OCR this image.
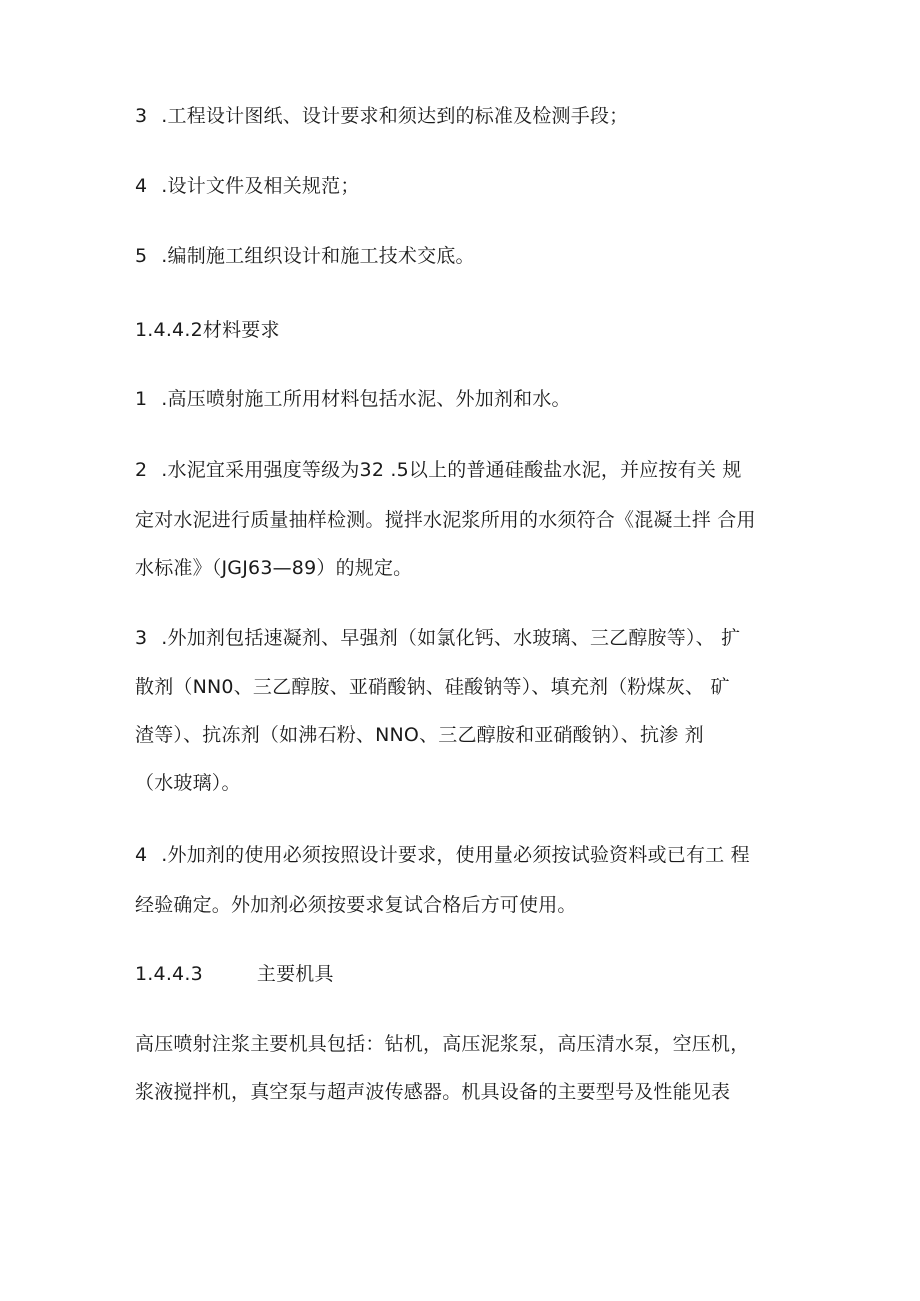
3 .工程设计图纸、设计要求和须达到的标准及检测手段；
4 .设计文件及相关规范；
5 .编制施工组织设计和施工技术交底。
1.4.4.2材料要求
1 .高压喷射施工所用材料包括水泥、外加剂和水。
2 .水泥宜采用强度等级为32 .5以上的普通硅酸盐水泥，并应按有关 规
定对水泥进行质量抽样检测。搅拌水泥浆所用的水须符合《混凝土拌 合用
水标准》（JGJ63—89）的规定。
3 .外加剂包括速凝剂、早强剂（如氯化钙、水玻璃、三乙醇胺等）、 扩
散剂（NN0、三乙醇胺、亚硝酸钠、硅酸钠等）、填充剂（粉煤灰、 矿
渣等）、抗冻剂（如沸石粉、NNO、三乙醇胺和亚硝酸钠）、抗渗 剂
（水玻璃）。
4 .外加剂的使用必须按照设计要求，使用量必须按试验资料或已有工 程
经验确定。外加剂必须按要求复试合格后方可使用。
1.4.4.3	主要机具
高压喷射注浆主要机具包括：钻机，高压泥浆泵，高压清水泵，空压机，
浆液搅拌机，真空泵与超声波传感器。机具设备的主要型号及性能见表
